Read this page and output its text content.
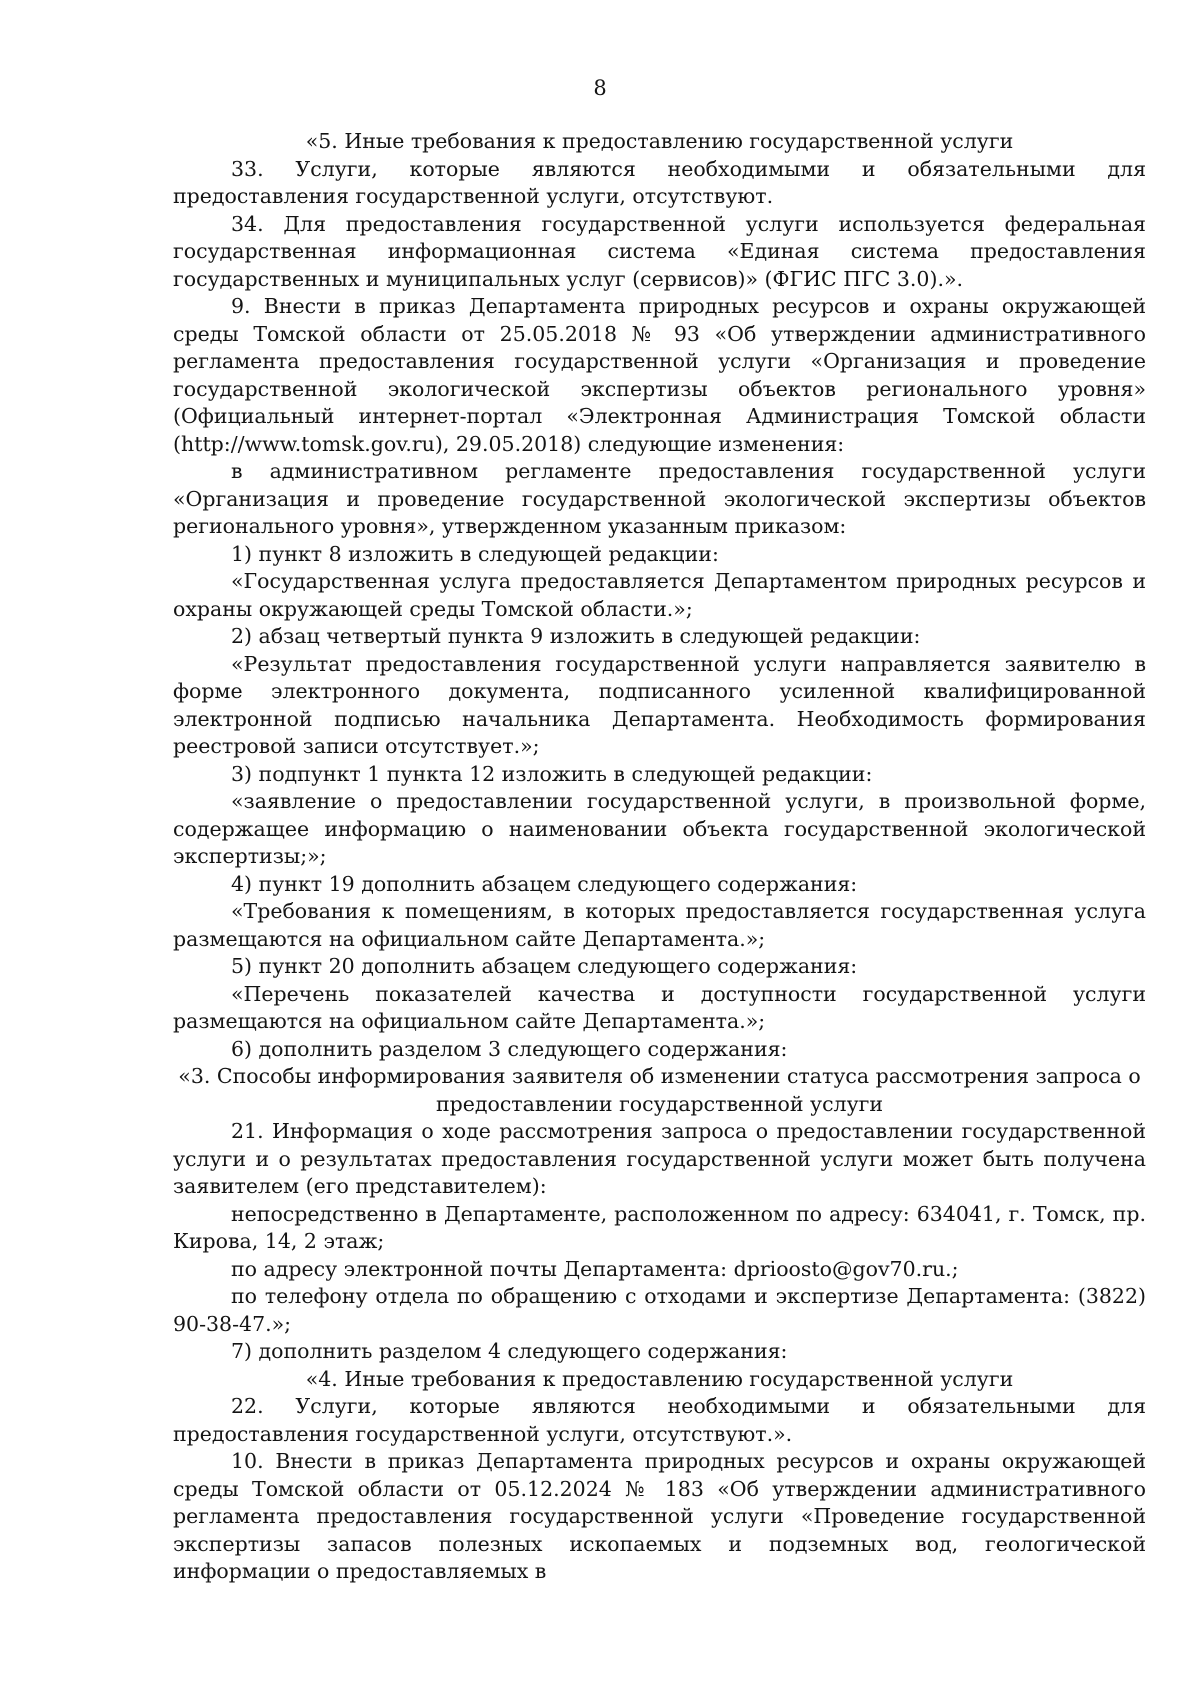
8

«5. Иные требования к предоставлению государственной услуги

33. Услуги, которые являются необходимыми и обязательными для предоставления государственной услуги, отсутствуют.

34. Для предоставления государственной услуги используется федеральная государственная информационная система «Единая система предоставления государственных и муниципальных услуг (сервисов)» (ФГИС ПГС 3.0).».

9. Внести в приказ Департамента природных ресурсов и охраны окружающей среды Томской области от 25.05.2018 № 93 «Об утверждении административного регламента предоставления государственной услуги «Организация и проведение государственной экологической экспертизы объектов регионального уровня» (Официальный интернет-портал «Электронная Администрация Томской области (http://www.tomsk.gov.ru), 29.05.2018) следующие изменения:

в административном регламенте предоставления государственной услуги «Организация и проведение государственной экологической экспертизы объектов регионального уровня», утвержденном указанным приказом:

1) пункт 8 изложить в следующей редакции:

«Государственная услуга предоставляется Департаментом природных ресурсов и охраны окружающей среды Томской области.»;

2) абзац четвертый пункта 9 изложить в следующей редакции:

«Результат предоставления государственной услуги направляется заявителю в форме электронного документа, подписанного усиленной квалифицированной электронной подписью начальника Департамента. Необходимость формирования реестровой записи отсутствует.»;

3) подпункт 1 пункта 12 изложить в следующей редакции:

«заявление о предоставлении государственной услуги, в произвольной форме, содержащее информацию о наименовании объекта государственной экологической экспертизы;»;

4) пункт 19 дополнить абзацем следующего содержания:

«Требования к помещениям, в которых предоставляется государственная услуга размещаются на официальном сайте Департамента.»;

5) пункт 20 дополнить абзацем следующего содержания:

«Перечень показателей качества и доступности государственной услуги размещаются на официальном сайте Департамента.»;

6) дополнить разделом 3 следующего содержания:

«3. Способы информирования заявителя об изменении статуса рассмотрения запроса о предоставлении государственной услуги

21. Информация о ходе рассмотрения запроса о предоставлении государственной услуги и о результатах предоставления государственной услуги может быть получена заявителем (его представителем):

непосредственно в Департаменте, расположенном по адресу: 634041, г. Томск, пр. Кирова, 14, 2 этаж;

по адресу электронной почты Департамента: dprioosto@gov70.ru.;

по телефону отдела по обращению с отходами и экспертизе Департамента: (3822) 90-38-47.»;

7) дополнить разделом 4 следующего содержания:

«4. Иные требования к предоставлению государственной услуги

22. Услуги, которые являются необходимыми и обязательными для предоставления государственной услуги, отсутствуют.».

10. Внести в приказ Департамента природных ресурсов и охраны окружающей среды Томской области от 05.12.2024 № 183 «Об утверждении административного регламента предоставления государственной услуги «Проведение государственной экспертизы запасов полезных ископаемых и подземных вод, геологической информации о предоставляемых в
